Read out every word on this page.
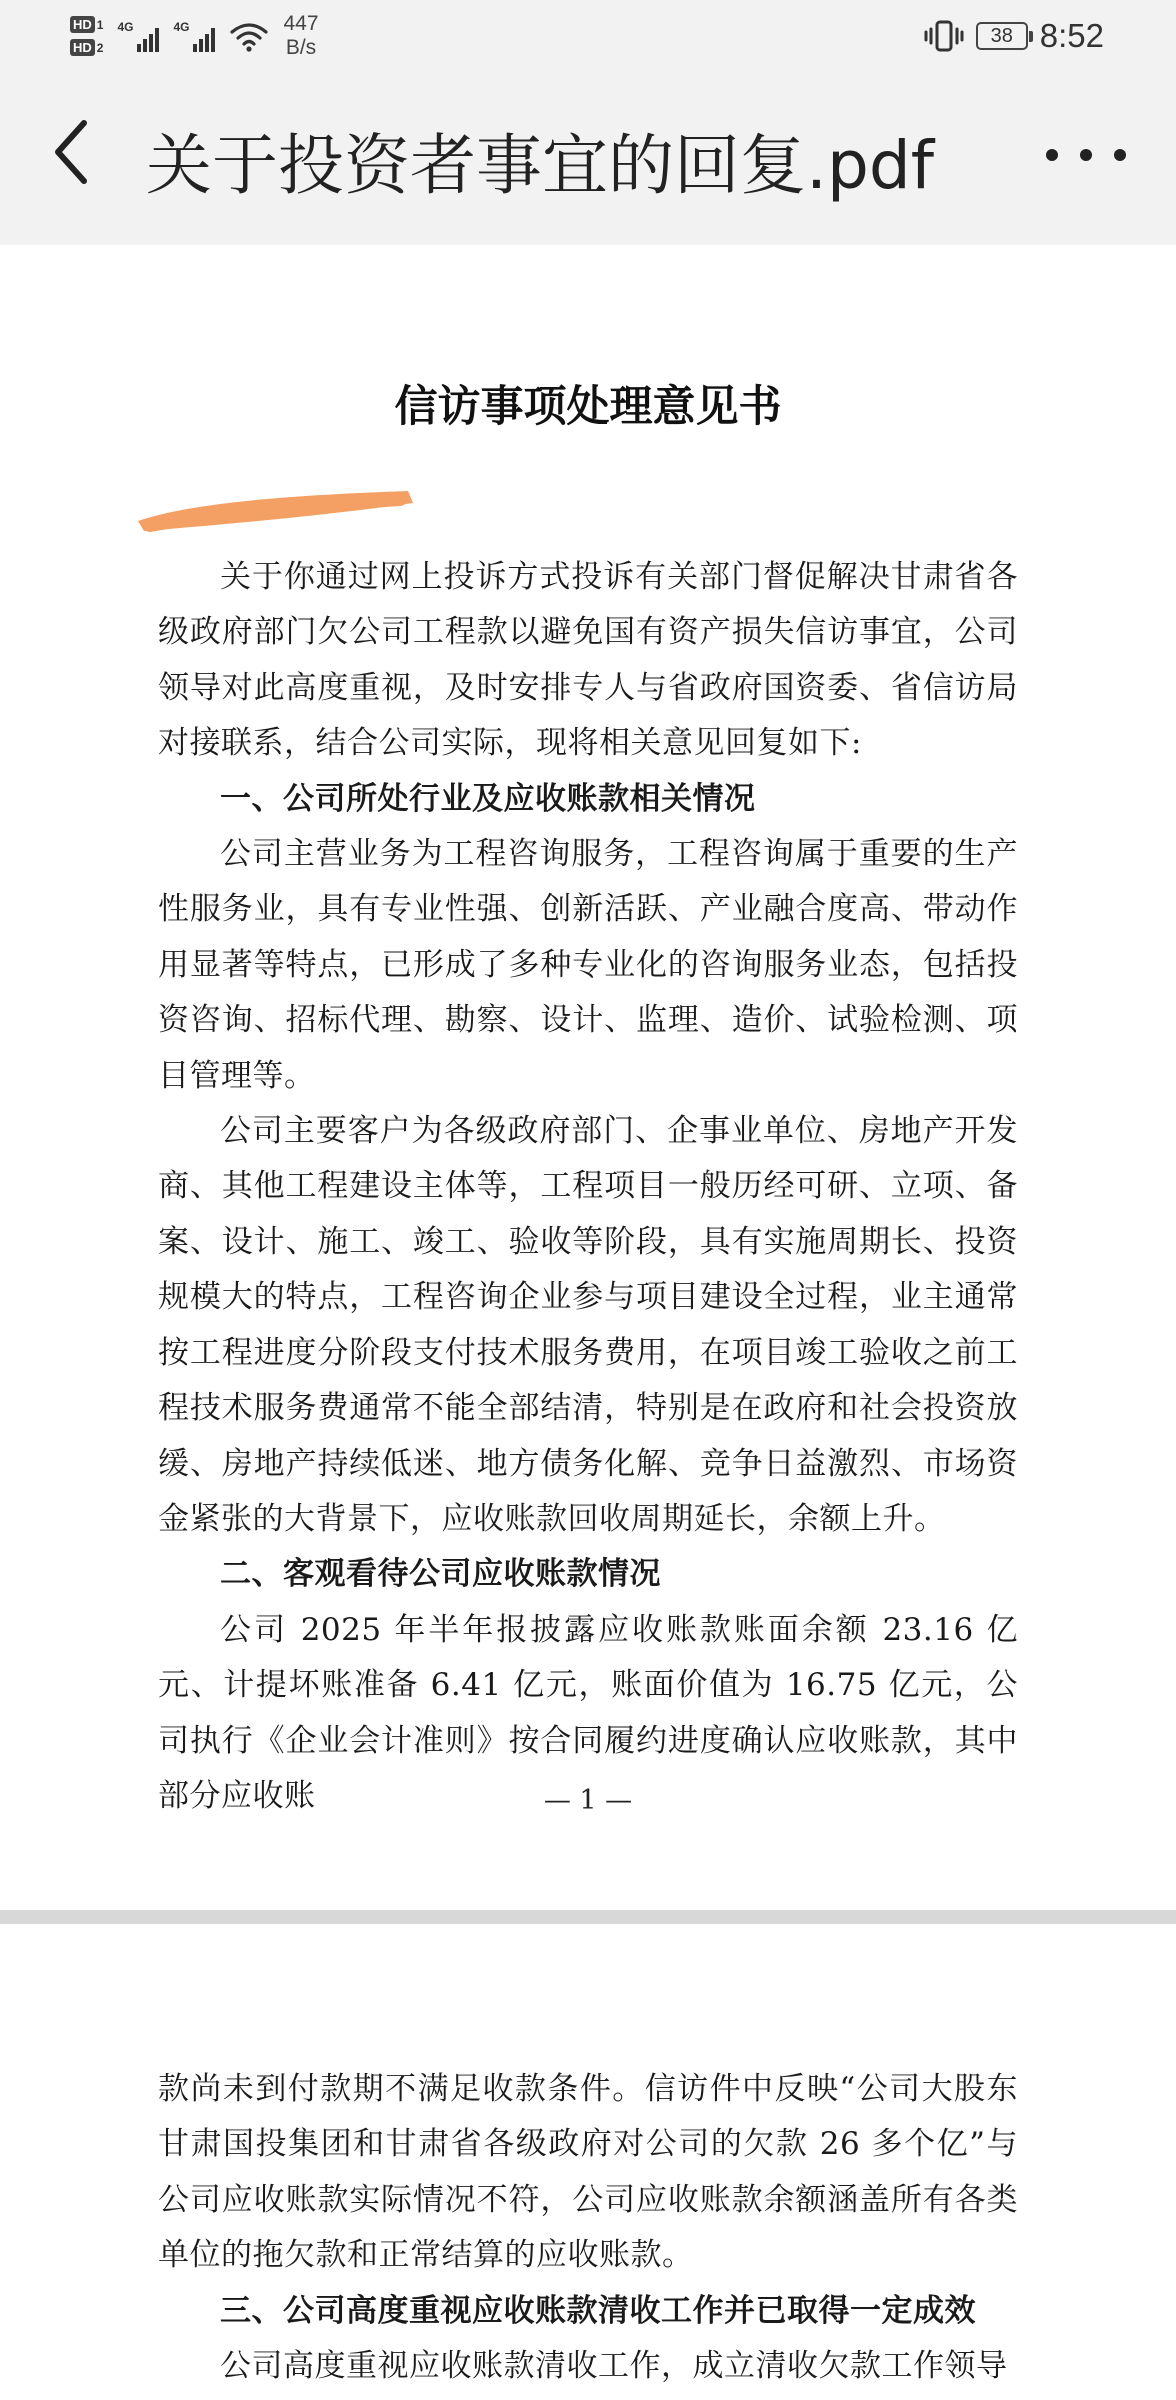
HD 1
HD 2
4G	4G	447
B/s
38 8:52
关于投资者事宜的回复.pdf
信访事项处理意见书

关于你通过网上投诉方式投诉有关部门督促解决甘肃省各级政府部门欠公司工程款以避免国有资产损失信访事宜，公司领导对此高度重视，及时安排专人与省政府国资委、省信访局对接联系，结合公司实际，现将相关意见回复如下:

一、公司所处行业及应收账款相关情况

公司主营业务为工程咨询服务，工程咨询属于重要的生产性服务业，具有专业性强、创新活跃、产业融合度高、带动作用显著等特点，已形成了多种专业化的咨询服务业态，包括投资咨询、招标代理、勘察、设计、监理、造价、试验检测、项目管理等。

公司主要客户为各级政府部门、企事业单位、房地产开发商、其他工程建设主体等，工程项目一般历经可研、立项、备案、设计、施工、竣工、验收等阶段，具有实施周期长、投资规模大的特点，工程咨询企业参与项目建设全过程，业主通常按工程进度分阶段支付技术服务费用，在项目竣工验收之前工程技术服务费通常不能全部结清，特别是在政府和社会投资放缓、房地产持续低迷、地方债务化解、竞争日益激烈、市场资金紧张的大背景下，应收账款回收周期延长，余额上升。

二、客观看待公司应收账款情况

公司 2025 年半年报披露应收账款账面余额 23.16 亿元、计提坏账准备 6.41 亿元，账面价值为 16.75 亿元，公司执行《企业会计准则》按合同履约进度确认应收账款，其中部分应收账	— 1 —

款尚未到付款期不满足收款条件。信访件中反映“公司大股东甘肃国投集团和甘肃省各级政府对公司的欠款 26 多个亿”与公司应收账款实际情况不符，公司应收账款余额涵盖所有各类单位的拖欠款和正常结算的应收账款。

三、公司高度重视应收账款清收工作并已取得一定成效

公司高度重视应收账款清收工作，成立清收欠款工作领导
